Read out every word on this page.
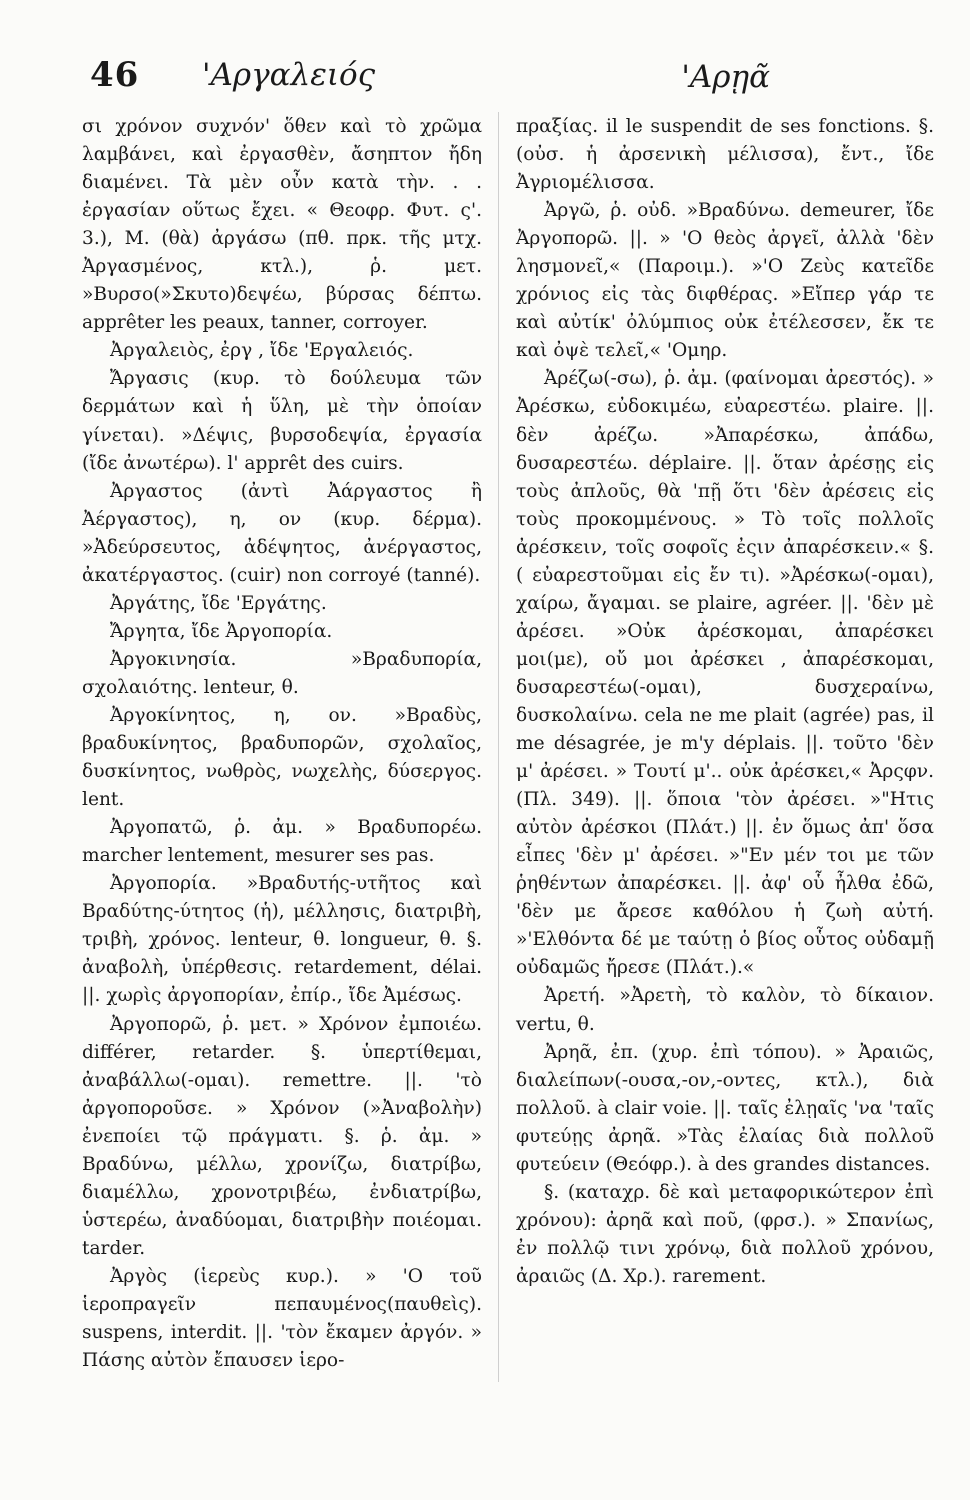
46 'Αργαλειός	'Αρῃᾶ

σι χρόνον συχνόν' ὅθεν καὶ τὸ χρῶμα λαμβάνει, καὶ ἐργασθὲν, ἄσηπτον ἤδη διαμένει. Τὰ μὲν οὖν κατὰ τὴν. . . ἐργασίαν οὕτως ἔχει. « Θεοφρ. Φυτ. ς'. 3.), Μ. (θὰ) ἀργάσω (πθ. πρκ. τῆς μτχ. Ἀργασμένος, κτλ.), ῥ. μετ. »Βυρσο(»Σκυτο)δεψέω, βύρσας δέπτω. apprêter les peaux, tanner, corroyer.

Ἀργαλειὸς, ἐργ , ἴδε 'Εργαλειός.

Ἄργασις (κυρ. τὸ δούλευμα τῶν δερμάτων καὶ ἡ ὕλη, μὲ τὴν ὁποίαν γίνεται). »Δέψις, βυρσοδεψία, ἐργασία (ἴδε ἀνωτέρω). l' apprêt des cuirs.

Ἀργαστος (ἀντὶ Ἀάργαστος ἢ Ἀέργαστος), η, ον (κυρ. δέρμα). »Ἀδεύρσευτος, ἀδέψητος, ἀνέργαστος, ἀκατέργαστος. (cuir) non corroyé (tanné).

Ἀργάτης, ἴδε 'Εργάτης.

Ἄργητα, ἴδε Ἀργοπορία.

Ἀργοκινησία. »Βραδυπορία, σχολαιότης. lenteur, θ.

Ἀργοκίνητος, η, ον. »Βραδὺς, βραδυκίνητος, βραδυπορῶν, σχολαῖος, δυσκίνητος, νωθρὸς, νωχελὴς, δύσεργος. lent.

Ἀργοπατῶ, ῥ. ἀμ. » Βραδυπορέω. marcher lentement, mesurer ses pas.

Ἀργοπορία. »Βραδυτής-υτῆτος καὶ Βραδύτης-ύτητος (ἡ), μέλλησις, διατριβὴ, τριβὴ, χρόνος. lenteur, θ. longueur, θ. §. ἀναβολὴ, ὑπέρθεσις. retardement, délai. ||. χωρὶς ἀργοπορίαν, ἐπίρ., ἴδε Ἀμέσως.

Ἀργοπορῶ, ῥ. μετ. » Χρόνον ἐμποιέω. différer, retarder. §. ὑπερτίθεμαι, ἀναβάλλω(-ομαι). remettre. ||. 'τὸ ἀργοποροῦσε. » Χρόνον (»Ἀναβολὴν) ἐνεποίει τῷ πράγματι. §. ῥ. ἀμ. » Βραδύνω, μέλλω, χρονίζω, διατρίβω, διαμέλλω, χρονοτριβέω, ἐνδιατρίβω, ὑστερέω, ἀναδύομαι, διατριβὴν ποιέομαι. tarder.

Ἀργὸς (ἱερεὺς κυρ.). » 'Ο τοῦ ἱεροπραγεῖν πεπαυμένος(παυθεὶς). suspens, interdit. ||. 'τὸν ἔκαμεν ἀργόν. » Πάσης αὐτὸν ἔπαυσεν ἱερο-

πραξίας. il le suspendit de ses fonctions. §. (οὐσ. ἡ ἀρσενικὴ μέλισσα), ἔντ., ἴδε Ἀγριομέλισσα.

Ἀργῶ, ῥ. οὐδ. »Βραδύνω. demeurer, ἴδε Ἀργοπορῶ. ||. » 'Ο θεὸς ἀργεῖ, ἀλλὰ 'δὲν λησμονεῖ,« (Παροιμ.). »'Ο Ζεὺς κατεῖδε χρόνιος εἰς τὰς διφθέρας. »Εἴπερ γάρ τε καὶ αὐτίκ' ὀλύμπιος οὐκ ἐτέλεσσεν, ἔκ τε καὶ ὀψὲ τελεῖ,« 'Ομηρ.

Ἀρέζω(-σω), ῥ. ἀμ. (φαίνομαι ἀρεστός). » Ἀρέσκω, εὐδοκιμέω, εὐαρεστέω. plaire. ||. δὲν ἀρέζω. »Ἀπαρέσκω, ἀπάδω, δυσαρεστέω. déplaire. ||. ὅταν ἀρέσῃς εἰς τοὺς ἀπλοῦς, θὰ 'πῇ ὅτι 'δὲν ἀρέσεις εἰς τοὺς προκομμένους. » Τὸ τοῖς πολλοῖς ἀρέσκειν, τοῖς σοφοῖς ἐςιν ἀπαρέσκειν.« §. ( εὐαρεστοῦμαι εἰς ἔν τι). »Ἀρέσκω(-ομαι), χαίρω, ἄγαμαι. se plaire, agréer. ||. 'δὲν μὲ ἀρέσει. »Οὐκ ἀρέσκομαι, ἀπαρέσκει μοι(με), οὔ μοι ἀρέσκει , ἀπαρέσκομαι, δυσαρεστέω(-ομαι), δυσχεραίνω, δυσκολαίνω. cela ne me plait (agrée) pas, il me désagrée, je m'y déplais. ||. τοῦτο 'δὲν μ' ἀρέσει. » Τουτί μ'.. οὐκ ἀρέσκει,« Ἀρςφν. (Πλ. 349). ||. ὅποια 'τὸν ἀρέσει. »"Ητις αὐτὸν ἀρέσκοι (Πλάτ.) ||. ἐν ὅμως ἀπ' ὅσα εἶπες 'δὲν μ' ἀρέσει. »"Εν μέν τοι με τῶν ῥηθέντων ἀπαρέσκει. ||. ἀφ' οὗ ἦλθα ἐδῶ, 'δὲν με ἄρεσε καθόλου ἡ ζωὴ αὐτή. »'Ελθόντα δέ με ταύτῃ ὁ βίος οὗτος οὐδαμῇ οὐδαμῶς ἤρεσε (Πλάτ.).«

Ἀρετή. »Ἀρετὴ, τὸ καλὸν, τὸ δίκαιον. vertu, θ.

Ἀρηᾶ, ἐπ. (χυρ. ἐπὶ τόπου). » Ἀραιῶς, διαλείπων(-ουσα,-ον,-οντες, κτλ.), διὰ πολλοῦ. à clair voie. ||. ταῖς ἐλῃαῖς 'να 'ταῖς φυτεύῃς ἀρηᾶ. »Τὰς ἐλαίας διὰ πολλοῦ φυτεύειν (Θεόφρ.). à des grandes distances.

§. (καταχρ. δὲ καὶ μεταφορικώτερον ἐπὶ χρόνου): ἀρηᾶ καὶ ποῦ, (φρσ.). » Σπανίως, ἐν πολλῷ τινι χρόνῳ, διὰ πολλοῦ χρόνου, ἀραιῶς (Δ. Χρ.). rarement.
